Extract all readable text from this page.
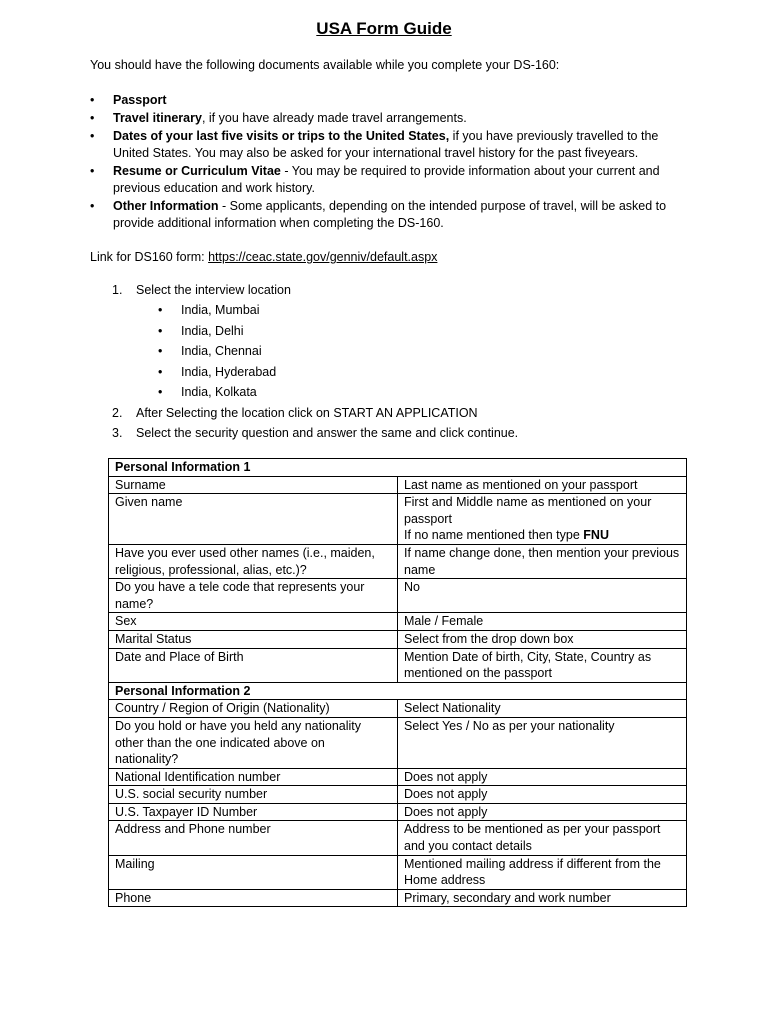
USA Form Guide
You should have the following documents available while you complete your DS-160:
• Passport
• Travel itinerary, if you have already made travel arrangements.
• Dates of your last five visits or trips to the United States, if you have previously travelled to the United States. You may also be asked for your international travel history for the past fiveyears.
• Resume or Curriculum Vitae - You may be required to provide information about your current and previous education and work history.
• Other Information - Some applicants, depending on the intended purpose of travel, will be asked to provide additional information when completing the DS-160.
Link for DS160 form: https://ceac.state.gov/genniv/default.aspx
1. Select the interview location
• India, Mumbai
• India, Delhi
• India, Chennai
• India, Hyderabad
• India, Kolkata
2. After Selecting the location click on START AN APPLICATION
3. Select the security question and answer the same and click continue.
Personal Information 1	
Surname	Last name as mentioned on your passport
Given name	First and Middle name as mentioned on your passport
If no name mentioned then type FNU

Have you ever used other names (i.e., maiden, religious, professional, alias, etc.)?	If name change done, then mention your previous name
Do you have a tele code that represents your name?	No
Sex	Male / Female
Marital Status	Select from the drop down box
Date and Place of Birth	Mention Date of birth, City, State, Country as mentioned on the passport
Personal Information 2	
Country / Region of Origin (Nationality)	Select Nationality
Do you hold or have you held any nationality other than the one indicated above on nationality?	Select Yes / No as per your nationality
National Identification number	Does not apply
U.S. social security number	Does not apply
U.S. Taxpayer ID Number	Does not apply
Address and Phone number	Address to be mentioned as per your passport and you contact details
Mailing	Mentioned mailing address if different from the Home address
Phone	Primary, secondary and work number
